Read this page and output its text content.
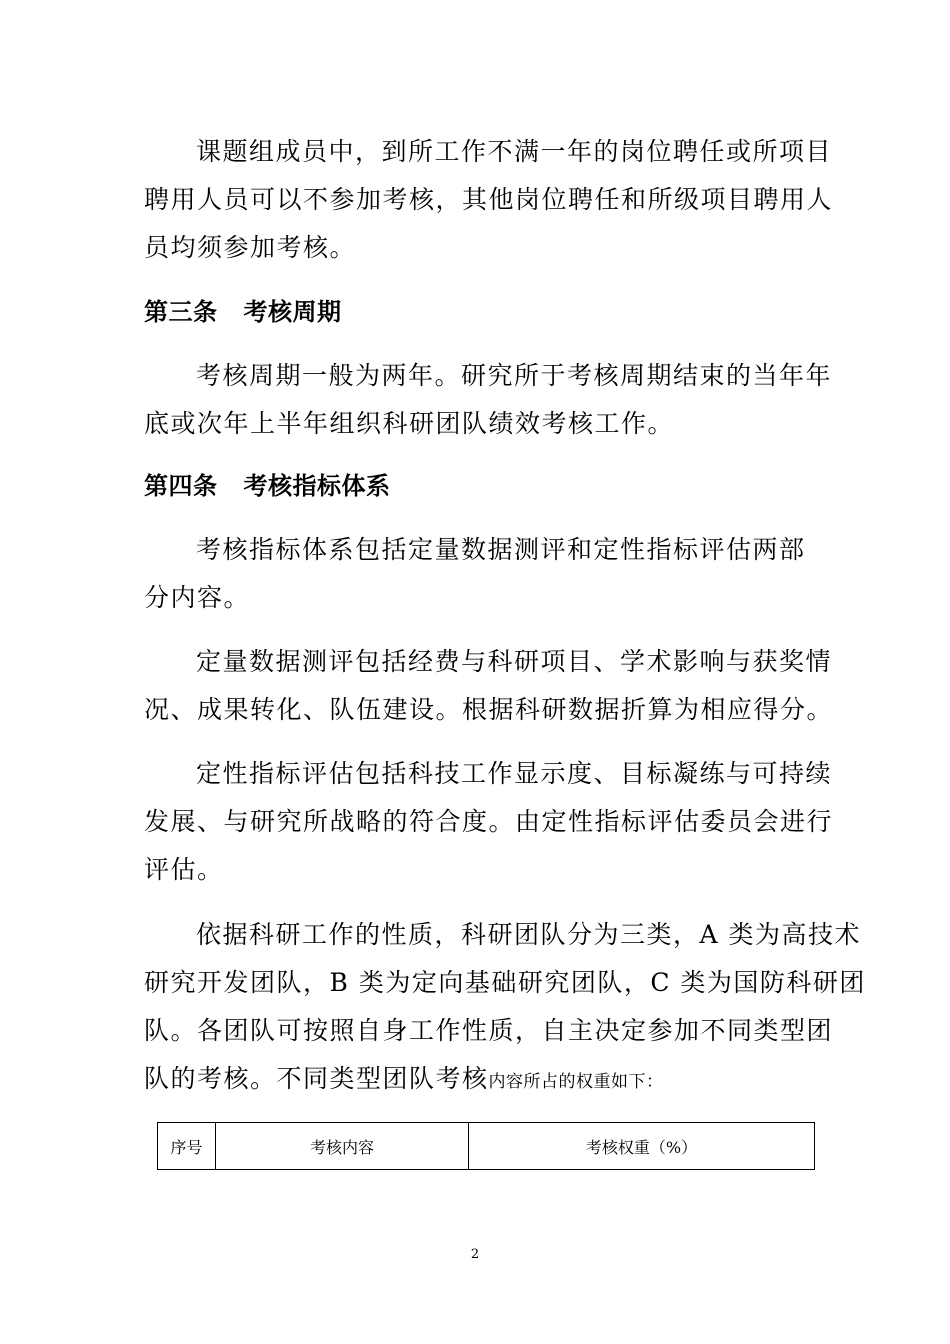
课题组成员中，到所工作不满一年的岗位聘任或所项目
聘用人员可以不参加考核，其他岗位聘任和所级项目聘用人
员均须参加考核。
第三条 考核周期
考核周期一般为两年。研究所于考核周期结束的当年年
底或次年上半年组织科研团队绩效考核工作。
第四条 考核指标体系
考核指标体系包括定量数据测评和定性指标评估两部
分内容。
定量数据测评包括经费与科研项目、学术影响与获奖情
况、成果转化、队伍建设。根据科研数据折算为相应得分。
定性指标评估包括科技工作显示度、目标凝练与可持续
发展、与研究所战略的符合度。由定性指标评估委员会进行
评估。
依据科研工作的性质，科研团队分为三类，A 类为高技术
研究开发团队，B 类为定向基础研究团队，C 类为国防科研团
队。各团队可按照自身工作性质，自主决定参加不同类型团
队的考核。不同类型团队考核内容所占的权重如下：
序号	考核内容	考核权重（%）
2
